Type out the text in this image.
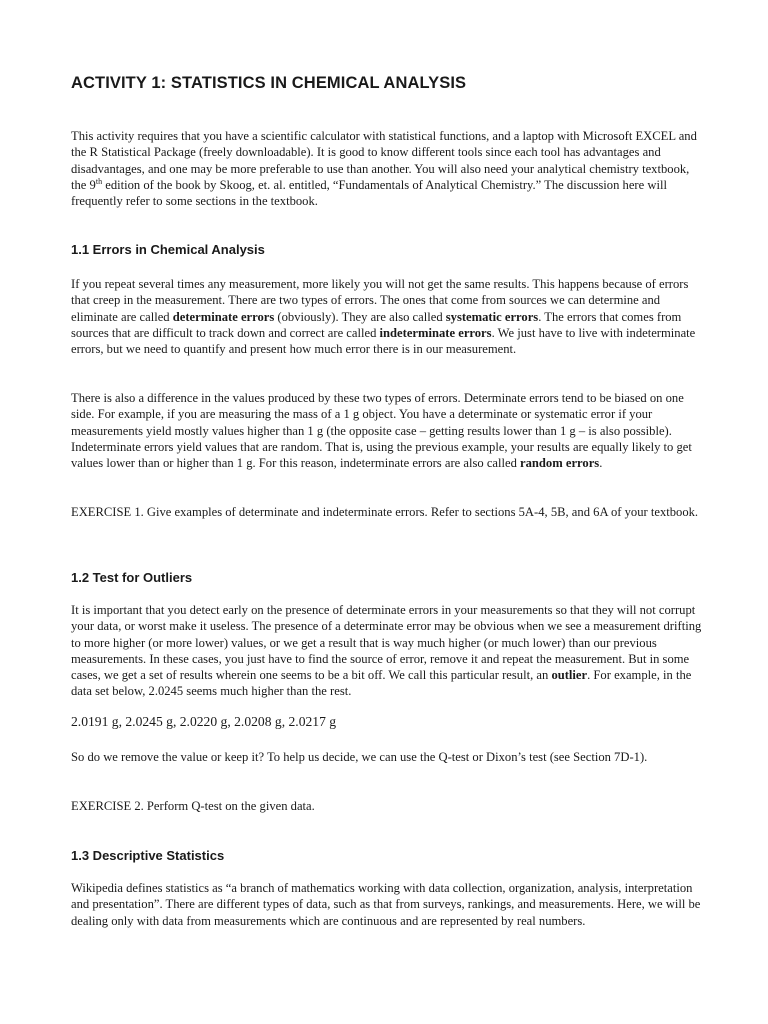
ACTIVITY 1: STATISTICS IN CHEMICAL ANALYSIS

This activity requires that you have a scientific calculator with statistical functions, and a laptop with Microsoft EXCEL and the R Statistical Package (freely downloadable). It is good to know different tools since each tool has advantages and disadvantages, and one may be more preferable to use than another. You will also need your analytical chemistry textbook, the 9th edition of the book by Skoog, et. al. entitled, “Fundamentals of Analytical Chemistry.” The discussion here will frequently refer to some sections in the textbook.

1.1 Errors in Chemical Analysis

If you repeat several times any measurement, more likely you will not get the same results. This happens because of errors that creep in the measurement. There are two types of errors. The ones that come from sources we can determine and eliminate are called determinate errors (obviously). They are also called systematic errors. The errors that comes from sources that are difficult to track down and correct are called indeterminate errors. We just have to live with indeterminate errors, but we need to quantify and present how much error there is in our measurement.

There is also a difference in the values produced by these two types of errors. Determinate errors tend to be biased on one side. For example, if you are measuring the mass of a 1 g object. You have a determinate or systematic error if your measurements yield mostly values higher than 1 g (the opposite case – getting results lower than 1 g – is also possible). Indeterminate errors yield values that are random. That is, using the previous example, your results are equally likely to get values lower than or higher than 1 g. For this reason, indeterminate errors are also called random errors.

EXERCISE 1. Give examples of determinate and indeterminate errors. Refer to sections 5A-4, 5B, and 6A of your textbook.

1.2 Test for Outliers

It is important that you detect early on the presence of determinate errors in your measurements so that they will not corrupt your data, or worst make it useless. The presence of a determinate error may be obvious when we see a measurement drifting to more higher (or more lower) values, or we get a result that is way much higher (or much lower) than our previous measurements. In these cases, you just have to find the source of error, remove it and repeat the measurement. But in some cases, we get a set of results wherein one seems to be a bit off. We call this particular result, an outlier. For example, in the data set below, 2.0245 seems much higher than the rest.

2.0191 g, 2.0245 g, 2.0220 g, 2.0208 g, 2.0217 g

So do we remove the value or keep it? To help us decide, we can use the Q-test or Dixon’s test (see Section 7D-1).

EXERCISE 2. Perform Q-test on the given data.

1.3 Descriptive Statistics

Wikipedia defines statistics as “a branch of mathematics working with data collection, organization, analysis, interpretation and presentation”. There are different types of data, such as that from surveys, rankings, and measurements. Here, we will be dealing only with data from measurements which are continuous and are represented by real numbers.
